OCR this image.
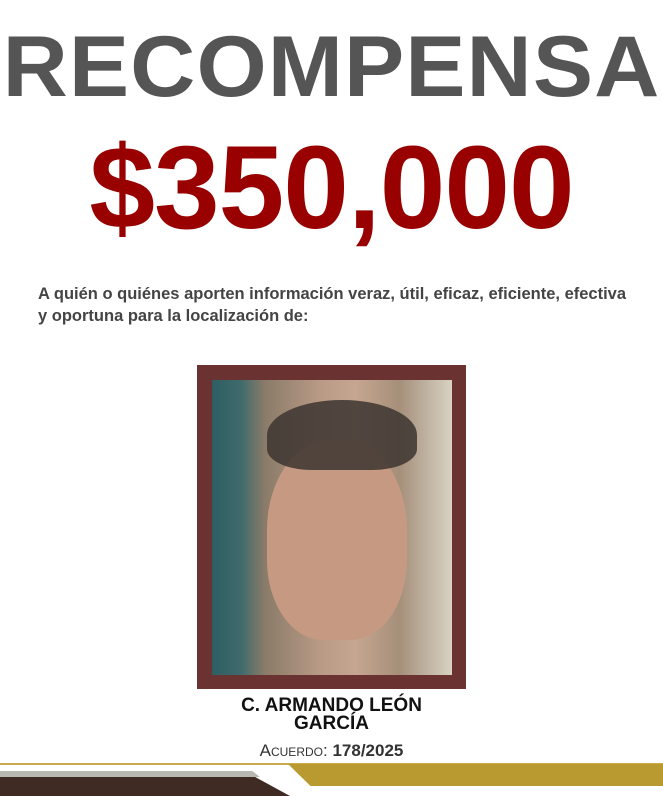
RECOMPENSA
$350,000
A quién o quiénes aporten información veraz, útil, eficaz, eficiente, efectiva y oportuna para la localización de:
C. ARMANDO LEÓN
GARCÍA
Acuerdo: 178/2025
